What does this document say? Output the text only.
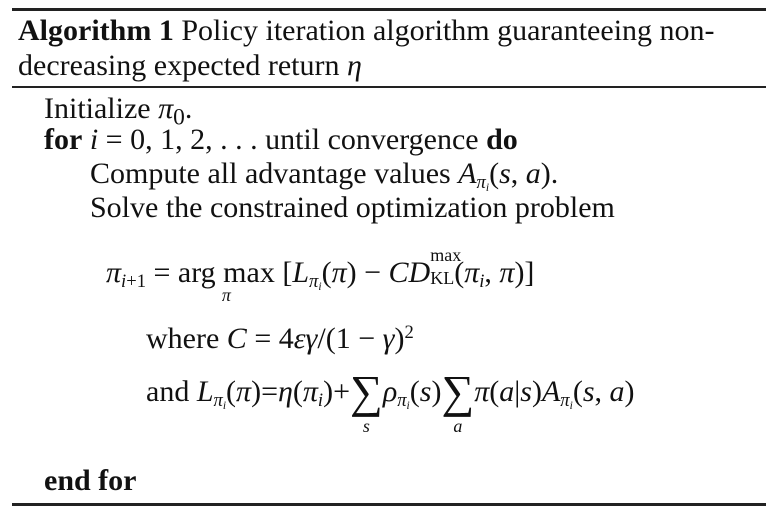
Algorithm 1 Policy iteration algorithm guaranteeing non-
decreasing expected return η
Initialize $\pi_0$.
for i = 0, 1, 2, . . . until convergence do
Compute all advantage values $A_{\pi_i}(s$, a).
Solve the constrained optimization problem
$\pi_{i+1}$ = arg max
π
[$L_{\pi_i}(\pi)$ − CD
max
$KL(\pi_i$, π)]
where $C = 4\varepsilon\gamma/(1 - \gamma)^2$
and $L_{\pi_i}(\pi)=\eta(\pi_i)+\sum$
s
$\rho_{\pi_i}(s)\sum$
a
$\pi(a|s)A_{\pi_i}(s$, a)
end for
